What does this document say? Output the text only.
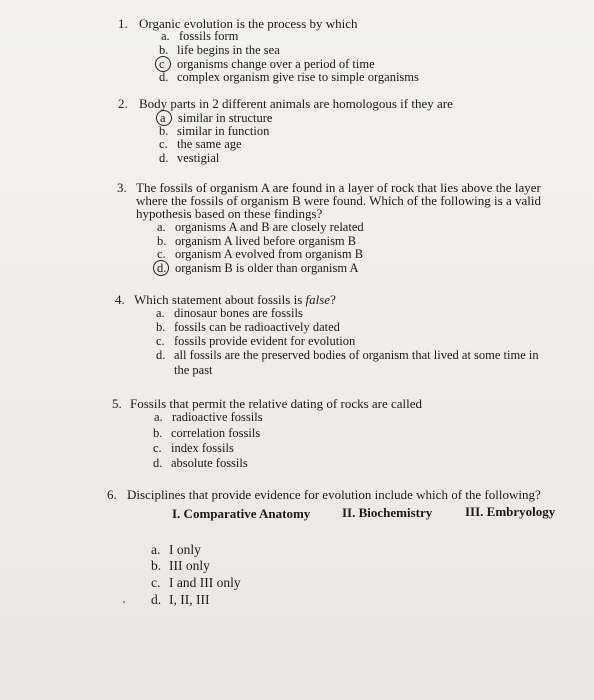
1. Organic evolution is the process by which
a. fossils form
b. life begins in the sea
c organisms change over a period of time
d. complex organism give rise to simple organisms
2. Body parts in 2 different animals are homologous if they are
a similar in structure
b. similar in function
c. the same age
d. vestigial
3. The fossils of organism A are found in a layer of rock that lies above the layer
where the fossils of organism B were found. Which of the following is a valid
hypothesis based on these findings?
a. organisms A and B are closely related
b. organism A lived before organism B
c. organism A evolved from organism B
d. organism B is older than organism A
4. Which statement about fossils is false?
a. dinosaur bones are fossils
b. fossils can be radioactively dated
c. fossils provide evident for evolution
d. all fossils are the preserved bodies of organism that lived at some time in
the past
5. Fossils that permit the relative dating of rocks are called
a. radioactive fossils
b. correlation fossils
c. index fossils
d. absolute fossils
6. Disciplines that provide evidence for evolution include which of the following?
I. Comparative Anatomy II. Biochemistry	III. Embryology
a. I only
b. III only
c. I and III only
d. I, II, III
